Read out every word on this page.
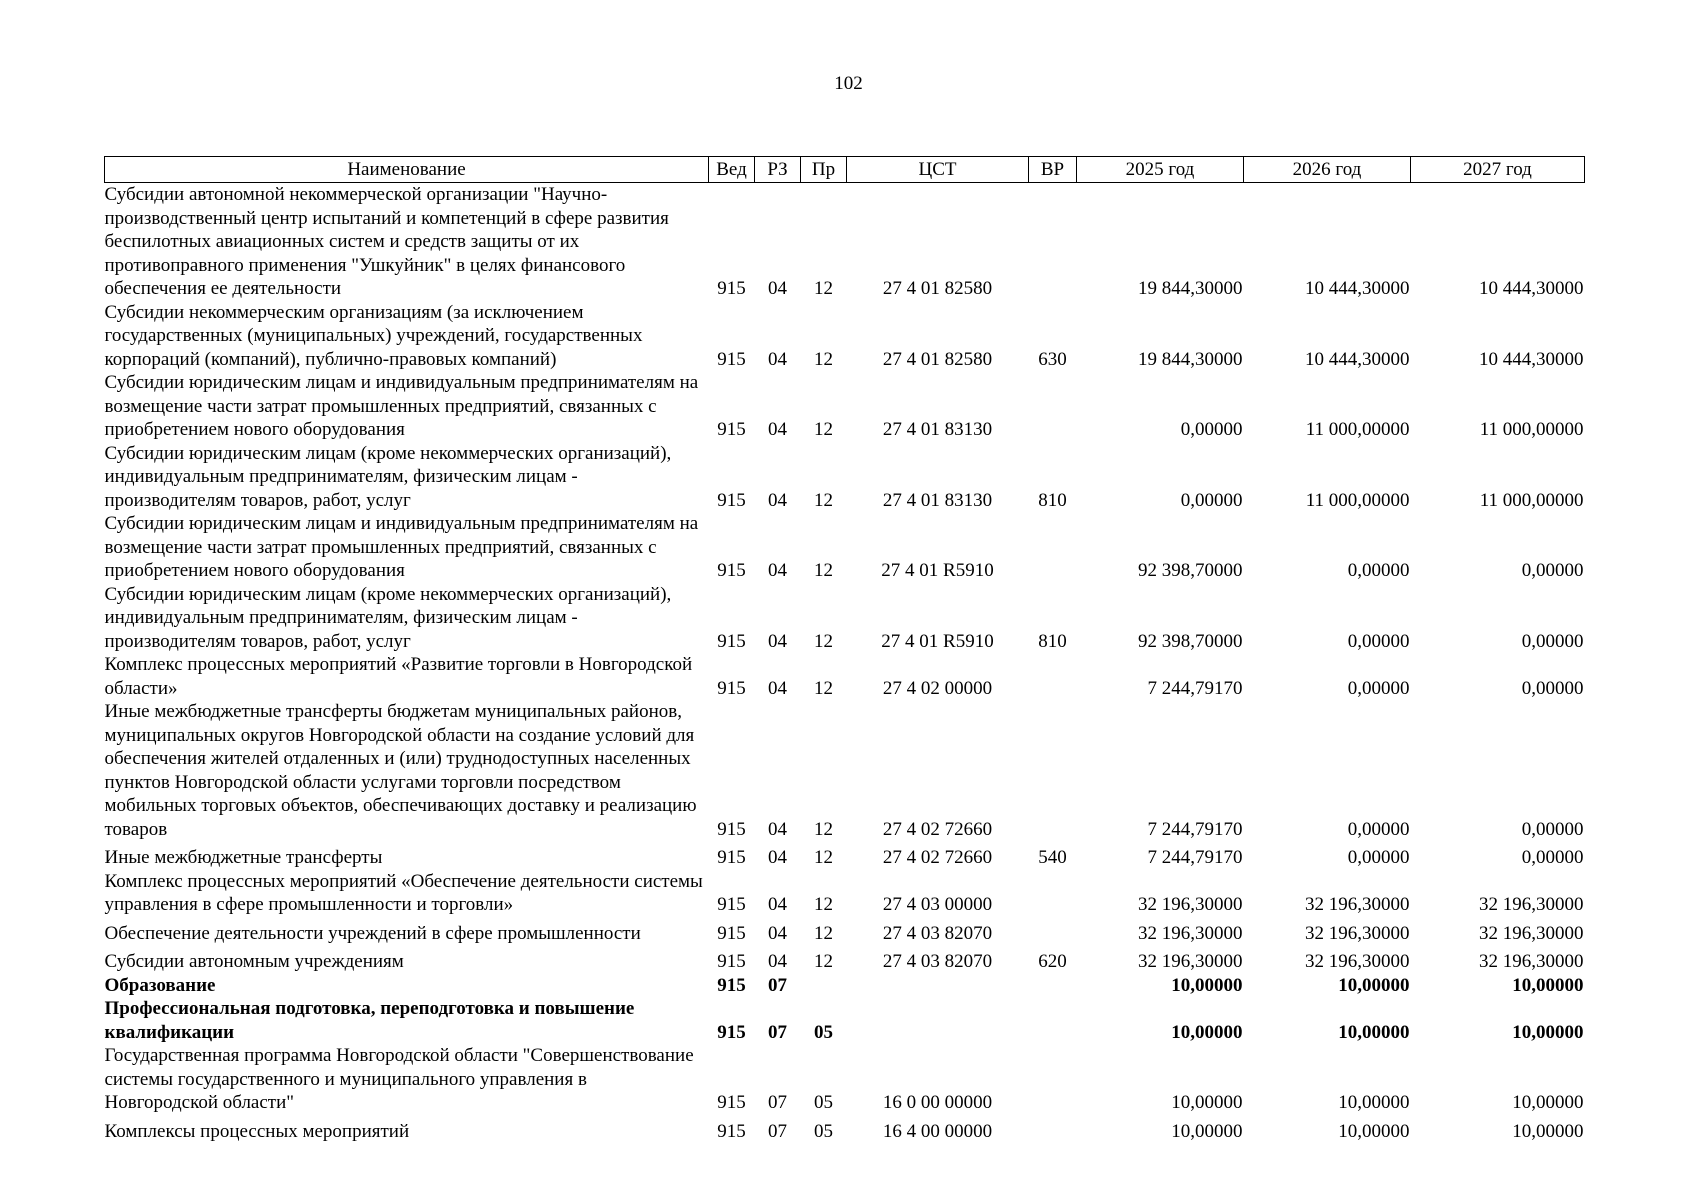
102
Наименование	Вед	РЗ	Пр	ЦСТ	ВР	2025 год	2026 год	2027 год
Субсидии автономной некоммерческой организации "Научно-производственный центр испытаний и компетенций в сфере развития беспилотных авиационных систем и средств защиты от их противоправного применения "Ушкуйник" в целях финансового обеспечения ее деятельности	915	04	12	27 4 01 82580		19 844,30000	10 444,30000	10 444,30000
Субсидии некоммерческим организациям (за исключением государственных (муниципальных) учреждений, государственных корпораций (компаний), публично-правовых компаний)	915	04	12	27 4 01 82580	630	19 844,30000	10 444,30000	10 444,30000
Субсидии юридическим лицам и индивидуальным предпринимателям на возмещение части затрат промышленных предприятий, связанных с приобретением нового оборудования	915	04	12	27 4 01 83130		0,00000	11 000,00000	11 000,00000
Субсидии юридическим лицам (кроме некоммерческих организаций), индивидуальным предпринимателям, физическим лицам - производителям товаров, работ, услуг	915	04	12	27 4 01 83130	810	0,00000	11 000,00000	11 000,00000
Субсидии юридическим лицам и индивидуальным предпринимателям на возмещение части затрат промышленных предприятий, связанных с приобретением нового оборудования	915	04	12	27 4 01 R5910		92 398,70000	0,00000	0,00000
Субсидии юридическим лицам (кроме некоммерческих организаций), индивидуальным предпринимателям, физическим лицам - производителям товаров, работ, услуг	915	04	12	27 4 01 R5910	810	92 398,70000	0,00000	0,00000
Комплекс процессных мероприятий «Развитие торговли в Новгородской области»	915	04	12	27 4 02 00000		7 244,79170	0,00000	0,00000
Иные межбюджетные трансферты бюджетам муниципальных районов, муниципальных округов Новгородской области на создание условий для обеспечения жителей отдаленных и (или) труднодоступных населенных пунктов Новгородской области услугами торговли посредством мобильных торговых объектов, обеспечивающих доставку и реализацию товаров	915	04	12	27 4 02 72660		7 244,79170	0,00000	0,00000
Иные межбюджетные трансферты	915	04	12	27 4 02 72660	540	7 244,79170	0,00000	0,00000
Комплекс процессных мероприятий «Обеспечение деятельности системы управления в сфере промышленности и торговли»	915	04	12	27 4 03 00000		32 196,30000	32 196,30000	32 196,30000
Обеспечение деятельности учреждений в сфере промышленности	915	04	12	27 4 03 82070		32 196,30000	32 196,30000	32 196,30000
Субсидии автономным учреждениям	915	04	12	27 4 03 82070	620	32 196,30000	32 196,30000	32 196,30000
Образование	915	07				10,00000	10,00000	10,00000
Профессиональная подготовка, переподготовка и повышение квалификации	915	07	05			10,00000	10,00000	10,00000
Государственная программа Новгородской области "Совершенствование системы государственного и муниципального управления в Новгородской области"	915	07	05	16 0 00 00000		10,00000	10,00000	10,00000
Комплексы процессных мероприятий	915	07	05	16 4 00 00000		10,00000	10,00000	10,00000
